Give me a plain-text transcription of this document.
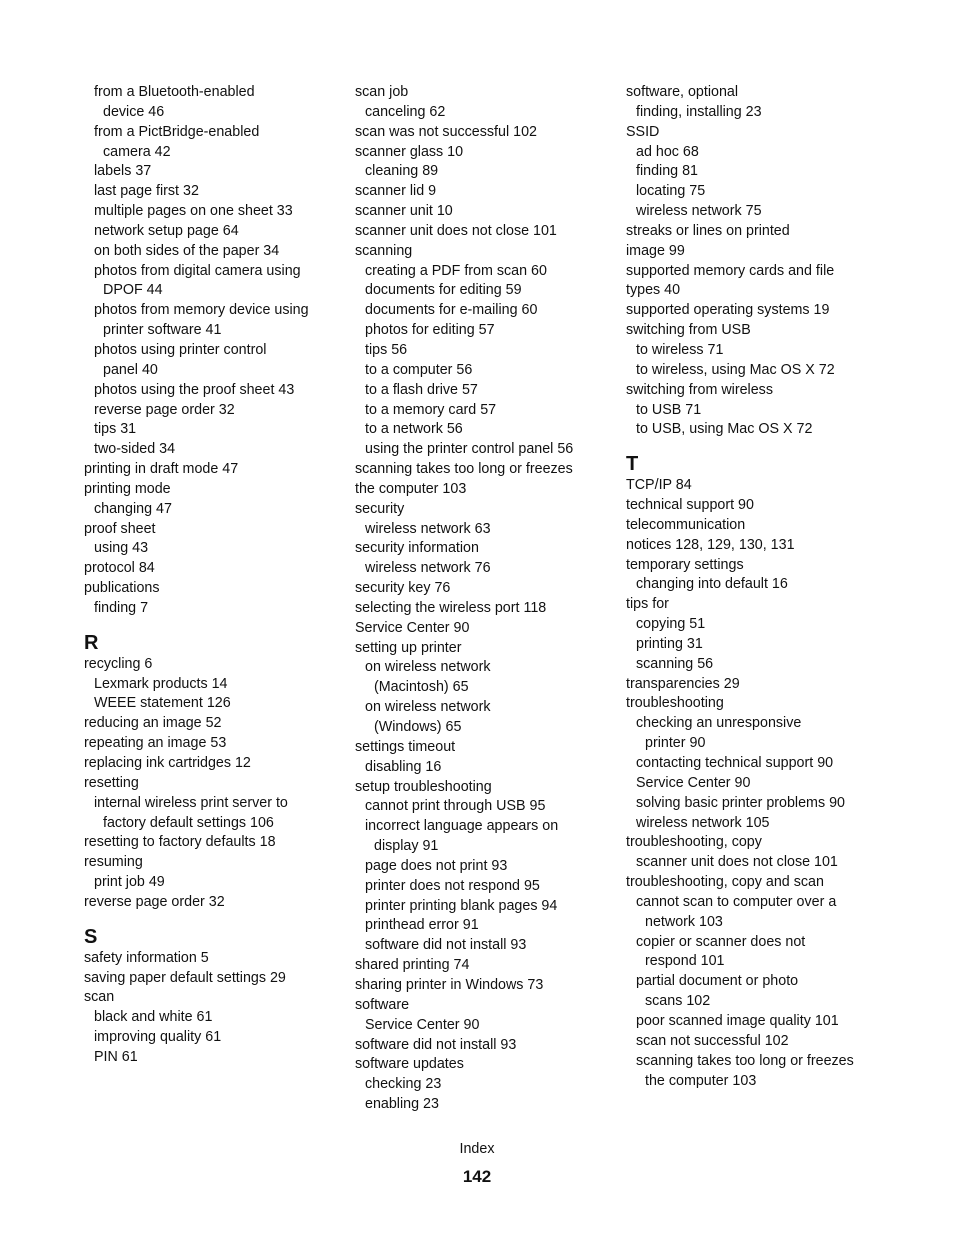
from a Bluetooth-enabled
device 46
from a PictBridge-enabled
camera 42
labels 37
last page first 32
multiple pages on one sheet 33
network setup page 64
on both sides of the paper 34
photos from digital camera using
DPOF 44
photos from memory device using
printer software 41
photos using printer control
panel 40
photos using the proof sheet 43
reverse page order 32
tips 31
two-sided 34
printing in draft mode 47
printing mode
changing 47
proof sheet
using 43
protocol 84
publications
finding 7
R
recycling 6
Lexmark products 14
WEEE statement 126
reducing an image 52
repeating an image 53
replacing ink cartridges 12
resetting
internal wireless print server to
factory default settings 106
resetting to factory defaults 18
resuming
print job 49
reverse page order 32
S
safety information 5
saving paper default settings 29
scan
black and white 61
improving quality 61
PIN 61
scan job
canceling 62
scan was not successful 102
scanner glass 10
cleaning 89
scanner lid 9
scanner unit 10
scanner unit does not close 101
scanning
creating a PDF from scan 60
documents for editing 59
documents for e-mailing 60
photos for editing 57
tips 56
to a computer 56
to a flash drive 57
to a memory card 57
to a network 56
using the printer control panel 56
scanning takes too long or freezes
the computer 103
security
wireless network 63
security information
wireless network 76
security key 76
selecting the wireless port 118
Service Center 90
setting up printer
on wireless network
(Macintosh) 65
on wireless network
(Windows) 65
settings timeout
disabling 16
setup troubleshooting
cannot print through USB 95
incorrect language appears on
display 91
page does not print 93
printer does not respond 95
printer printing blank pages 94
printhead error 91
software did not install 93
shared printing 74
sharing printer in Windows 73
software
Service Center 90
software did not install 93
software updates
checking 23
enabling 23
software, optional
finding, installing 23
SSID
ad hoc 68
finding 81
locating 75
wireless network 75
streaks or lines on printed
image 99
supported memory cards and file
types 40
supported operating systems 19
switching from USB
to wireless 71
to wireless, using Mac OS X 72
switching from wireless
to USB 71
to USB, using Mac OS X 72
T
TCP/IP 84
technical support 90
telecommunication
notices 128, 129, 130, 131
temporary settings
changing into default 16
tips for
copying 51
printing 31
scanning 56
transparencies 29
troubleshooting
checking an unresponsive
printer 90
contacting technical support 90
Service Center 90
solving basic printer problems 90
wireless network 105
troubleshooting, copy
scanner unit does not close 101
troubleshooting, copy and scan
cannot scan to computer over a
network 103
copier or scanner does not
respond 101
partial document or photo
scans 102
poor scanned image quality 101
scan not successful 102
scanning takes too long or freezes
the computer 103
Index
142
